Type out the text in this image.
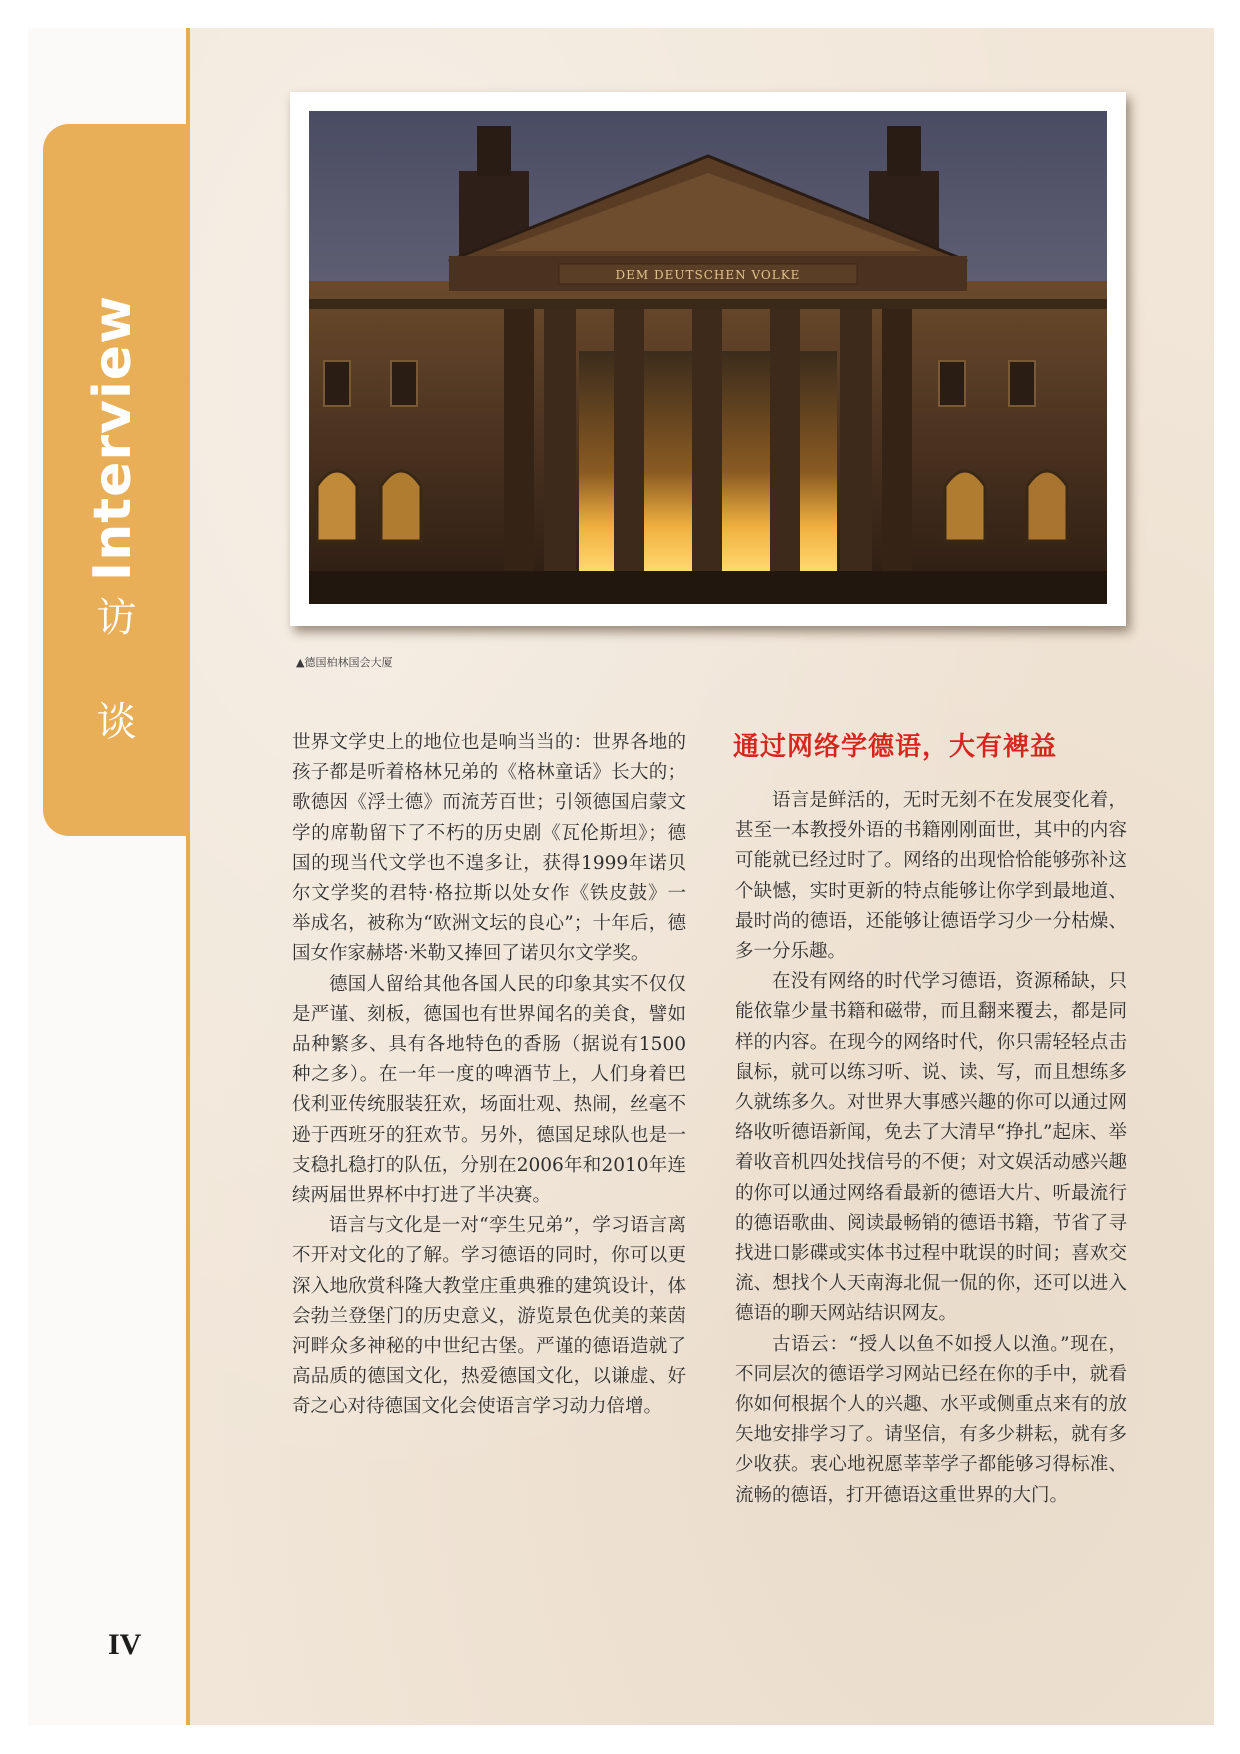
Interview
访
谈
DEM DEUTSCHEN VOLKE
▲德国柏林国会大厦

世界文学史上的地位也是响当当的：世界各地的孩子都是听着格林兄弟的《格林童话》长大的；歌德因《浮士德》而流芳百世；引领德国启蒙文学的席勒留下了不朽的历史剧《瓦伦斯坦》；德国的现当代文学也不遑多让，获得1999年诺贝尔文学奖的君特·格拉斯以处女作《铁皮鼓》一举成名，被称为“欧洲文坛的良心”；十年后，德国女作家赫塔·米勒又捧回了诺贝尔文学奖。

德国人留给其他各国人民的印象其实不仅仅是严谨、刻板，德国也有世界闻名的美食，譬如品种繁多、具有各地特色的香肠（据说有1500种之多）。在一年一度的啤酒节上，人们身着巴伐利亚传统服装狂欢，场面壮观、热闹，丝毫不逊于西班牙的狂欢节。另外，德国足球队也是一支稳扎稳打的队伍，分别在2006年和2010年连续两届世界杯中打进了半决赛。

语言与文化是一对“孪生兄弟”，学习语言离不开对文化的了解。学习德语的同时，你可以更深入地欣赏科隆大教堂庄重典雅的建筑设计，体会勃兰登堡门的历史意义，游览景色优美的莱茵河畔众多神秘的中世纪古堡。严谨的德语造就了高品质的德国文化，热爱德国文化，以谦虚、好奇之心对待德国文化会使语言学习动力倍增。

通过网络学德语，大有裨益

语言是鲜活的，无时无刻不在发展变化着，甚至一本教授外语的书籍刚刚面世，其中的内容可能就已经过时了。网络的出现恰恰能够弥补这个缺憾，实时更新的特点能够让你学到最地道、最时尚的德语，还能够让德语学习少一分枯燥、多一分乐趣。

在没有网络的时代学习德语，资源稀缺，只能依靠少量书籍和磁带，而且翻来覆去，都是同样的内容。在现今的网络时代，你只需轻轻点击鼠标，就可以练习听、说、读、写，而且想练多久就练多久。对世界大事感兴趣的你可以通过网络收听德语新闻，免去了大清早“挣扎”起床、举着收音机四处找信号的不便；对文娱活动感兴趣的你可以通过网络看最新的德语大片、听最流行的德语歌曲、阅读最畅销的德语书籍，节省了寻找进口影碟或实体书过程中耽误的时间；喜欢交流、想找个人天南海北侃一侃的你，还可以进入德语的聊天网站结识网友。

古语云：“授人以鱼不如授人以渔。”现在，不同层次的德语学习网站已经在你的手中，就看你如何根据个人的兴趣、水平或侧重点来有的放矢地安排学习了。请坚信，有多少耕耘，就有多少收获。衷心地祝愿莘莘学子都能够习得标准、流畅的德语，打开德语这重世界的大门。

IV
